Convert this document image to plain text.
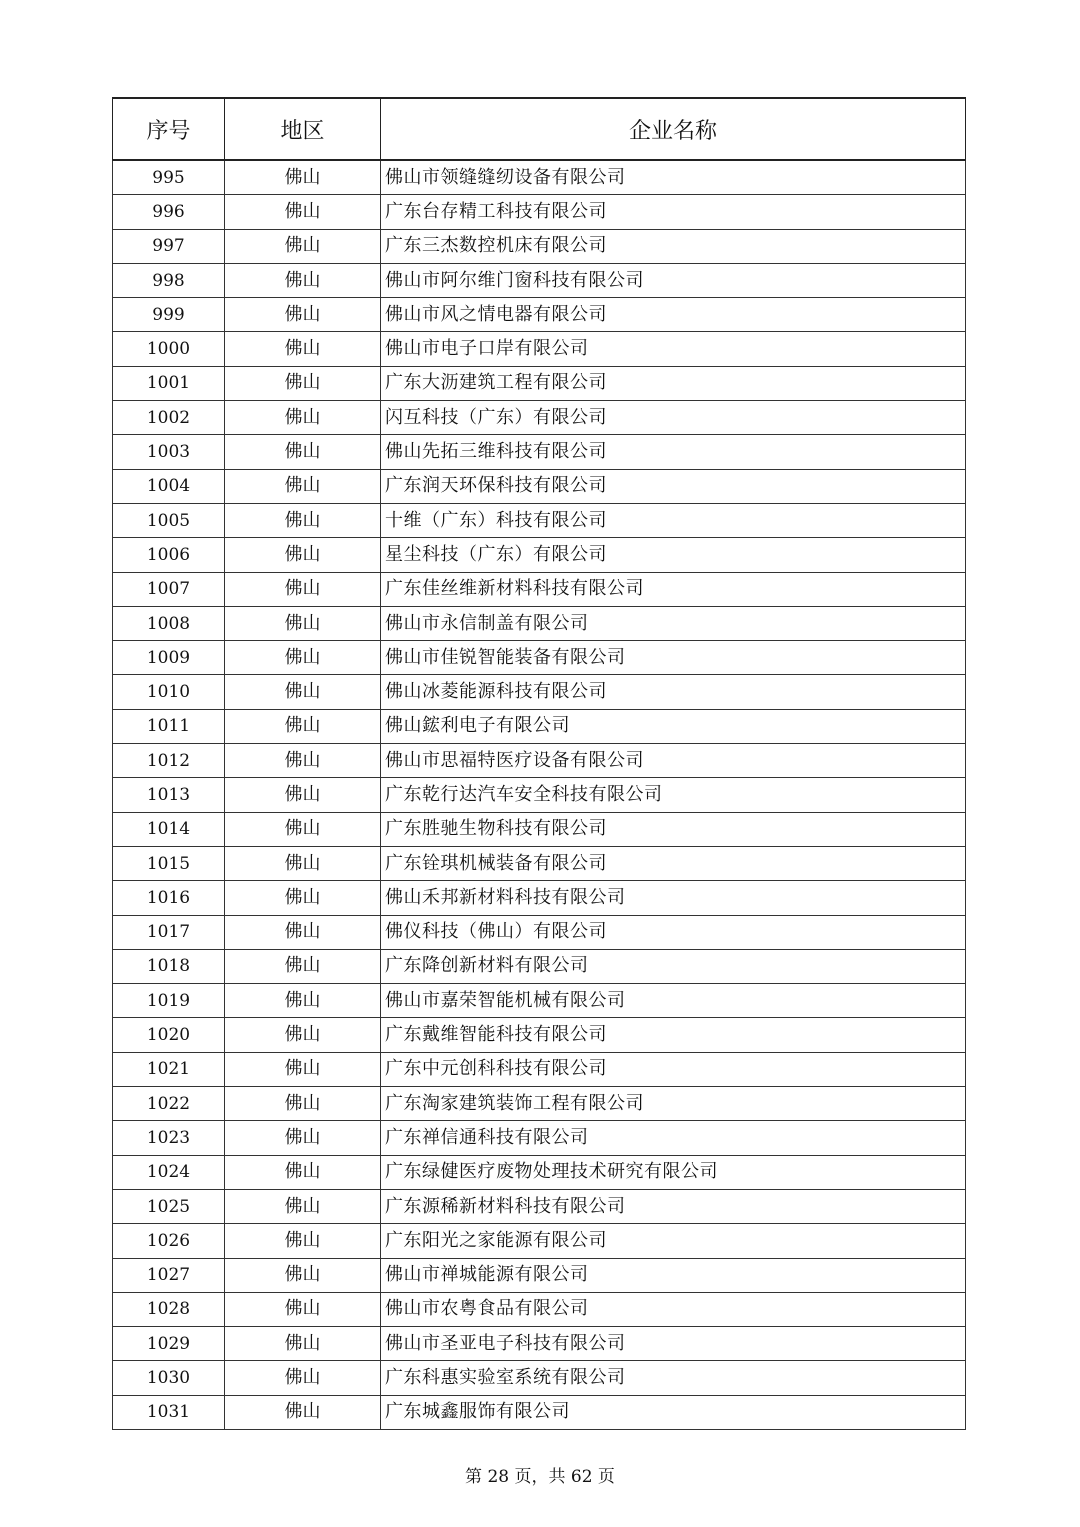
序号	地区	企业名称
995	佛山	佛山市领缝缝纫设备有限公司
996	佛山	广东台存精工科技有限公司
997	佛山	广东三杰数控机床有限公司
998	佛山	佛山市阿尔维门窗科技有限公司
999	佛山	佛山市风之情电器有限公司
1000	佛山	佛山市电子口岸有限公司
1001	佛山	广东大沥建筑工程有限公司
1002	佛山	闪互科技（广东）有限公司
1003	佛山	佛山先拓三维科技有限公司
1004	佛山	广东润天环保科技有限公司
1005	佛山	十维（广东）科技有限公司
1006	佛山	星尘科技（广东）有限公司
1007	佛山	广东佳丝维新材料科技有限公司
1008	佛山	佛山市永信制盖有限公司
1009	佛山	佛山市佳锐智能装备有限公司
1010	佛山	佛山冰菱能源科技有限公司
1011	佛山	佛山鋐利电子有限公司
1012	佛山	佛山市思福特医疗设备有限公司
1013	佛山	广东乾行达汽车安全科技有限公司
1014	佛山	广东胜驰生物科技有限公司
1015	佛山	广东铨琪机械装备有限公司
1016	佛山	佛山禾邦新材料科技有限公司
1017	佛山	佛仪科技（佛山）有限公司
1018	佛山	广东降创新材料有限公司
1019	佛山	佛山市嘉荣智能机械有限公司
1020	佛山	广东戴维智能科技有限公司
1021	佛山	广东中元创科科技有限公司
1022	佛山	广东淘家建筑装饰工程有限公司
1023	佛山	广东禅信通科技有限公司
1024	佛山	广东绿健医疗废物处理技术研究有限公司
1025	佛山	广东源稀新材料科技有限公司
1026	佛山	广东阳光之家能源有限公司
1027	佛山	佛山市禅城能源有限公司
1028	佛山	佛山市农粤食品有限公司
1029	佛山	佛山市圣亚电子科技有限公司
1030	佛山	广东科惠实验室系统有限公司
1031	佛山	广东城鑫服饰有限公司
第 28 页，共 62 页
